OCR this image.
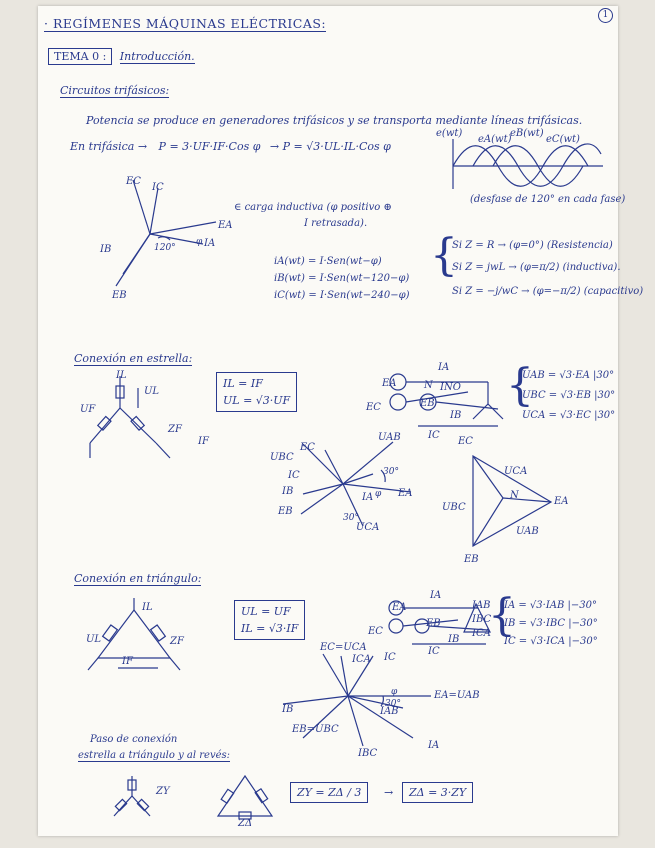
1
· REGÍMENES MÁQUINAS ELÉCTRICAS:
TEMA 0 : Introducción.
Circuitos trifásicos:
Potencia se produce en generadores trifásicos y se transporta mediante líneas trifásicas.
En trifásica → P = 3·UF·IF·Cos φ → P = √3·UL·IL·Cos φ
e(wt)
eA(wt)
eB(wt)
eC(wt)
(desfase de 120° en cada fase)
120°
φ
EC
IC
EA
IA
IB
EB
∈ carga inductiva (φ positivo ⊕
I retrasada).
iA(wt) = I·Sen(wt−φ)
iB(wt) = I·Sen(wt−120−φ)
iC(wt) = I·Sen(wt−240−φ)
{
Si Z = R → (φ=0°) (Resistencia)
Si Z = jwL → (φ=π/2) (inductiva).
Si Z = −j/wC → (φ=−π/2) (capacitivo)
Conexión en estrella:
IL
UF
UL
IF
ZF
IL = IF
UL = √3·UF
IA
N INO
EA
EB
EC
IB
IC
{
UAB = √3·EA |30°
UBC = √3·EB |30°
UCA = √3·EC |30°
30°
φ
30°
UBC
EC
IC
UAB
IA EA
IB
EB
UCA
EC
UCA
UBC
N
EA
UAB
EB
Conexión en triángulo:
IL
UL
IF
ZF
UL = UF
IL = √3·IF
IA
IAB
IBC
ICA
EA
EB
EC
IB
IC
{
IA = √3·IAB |−30°
IB = √3·IBC |−30°
IC = √3·ICA |−30°
30°
φ
EC=UCA
ICA IC
EA=UAB
IAB
IB
EB=UBC
IA
IBC
Paso de conexión
estrella a triángulo y al revés:
ZY
ZΔ
ZY = ZΔ / 3	→	ZΔ = 3·ZY
